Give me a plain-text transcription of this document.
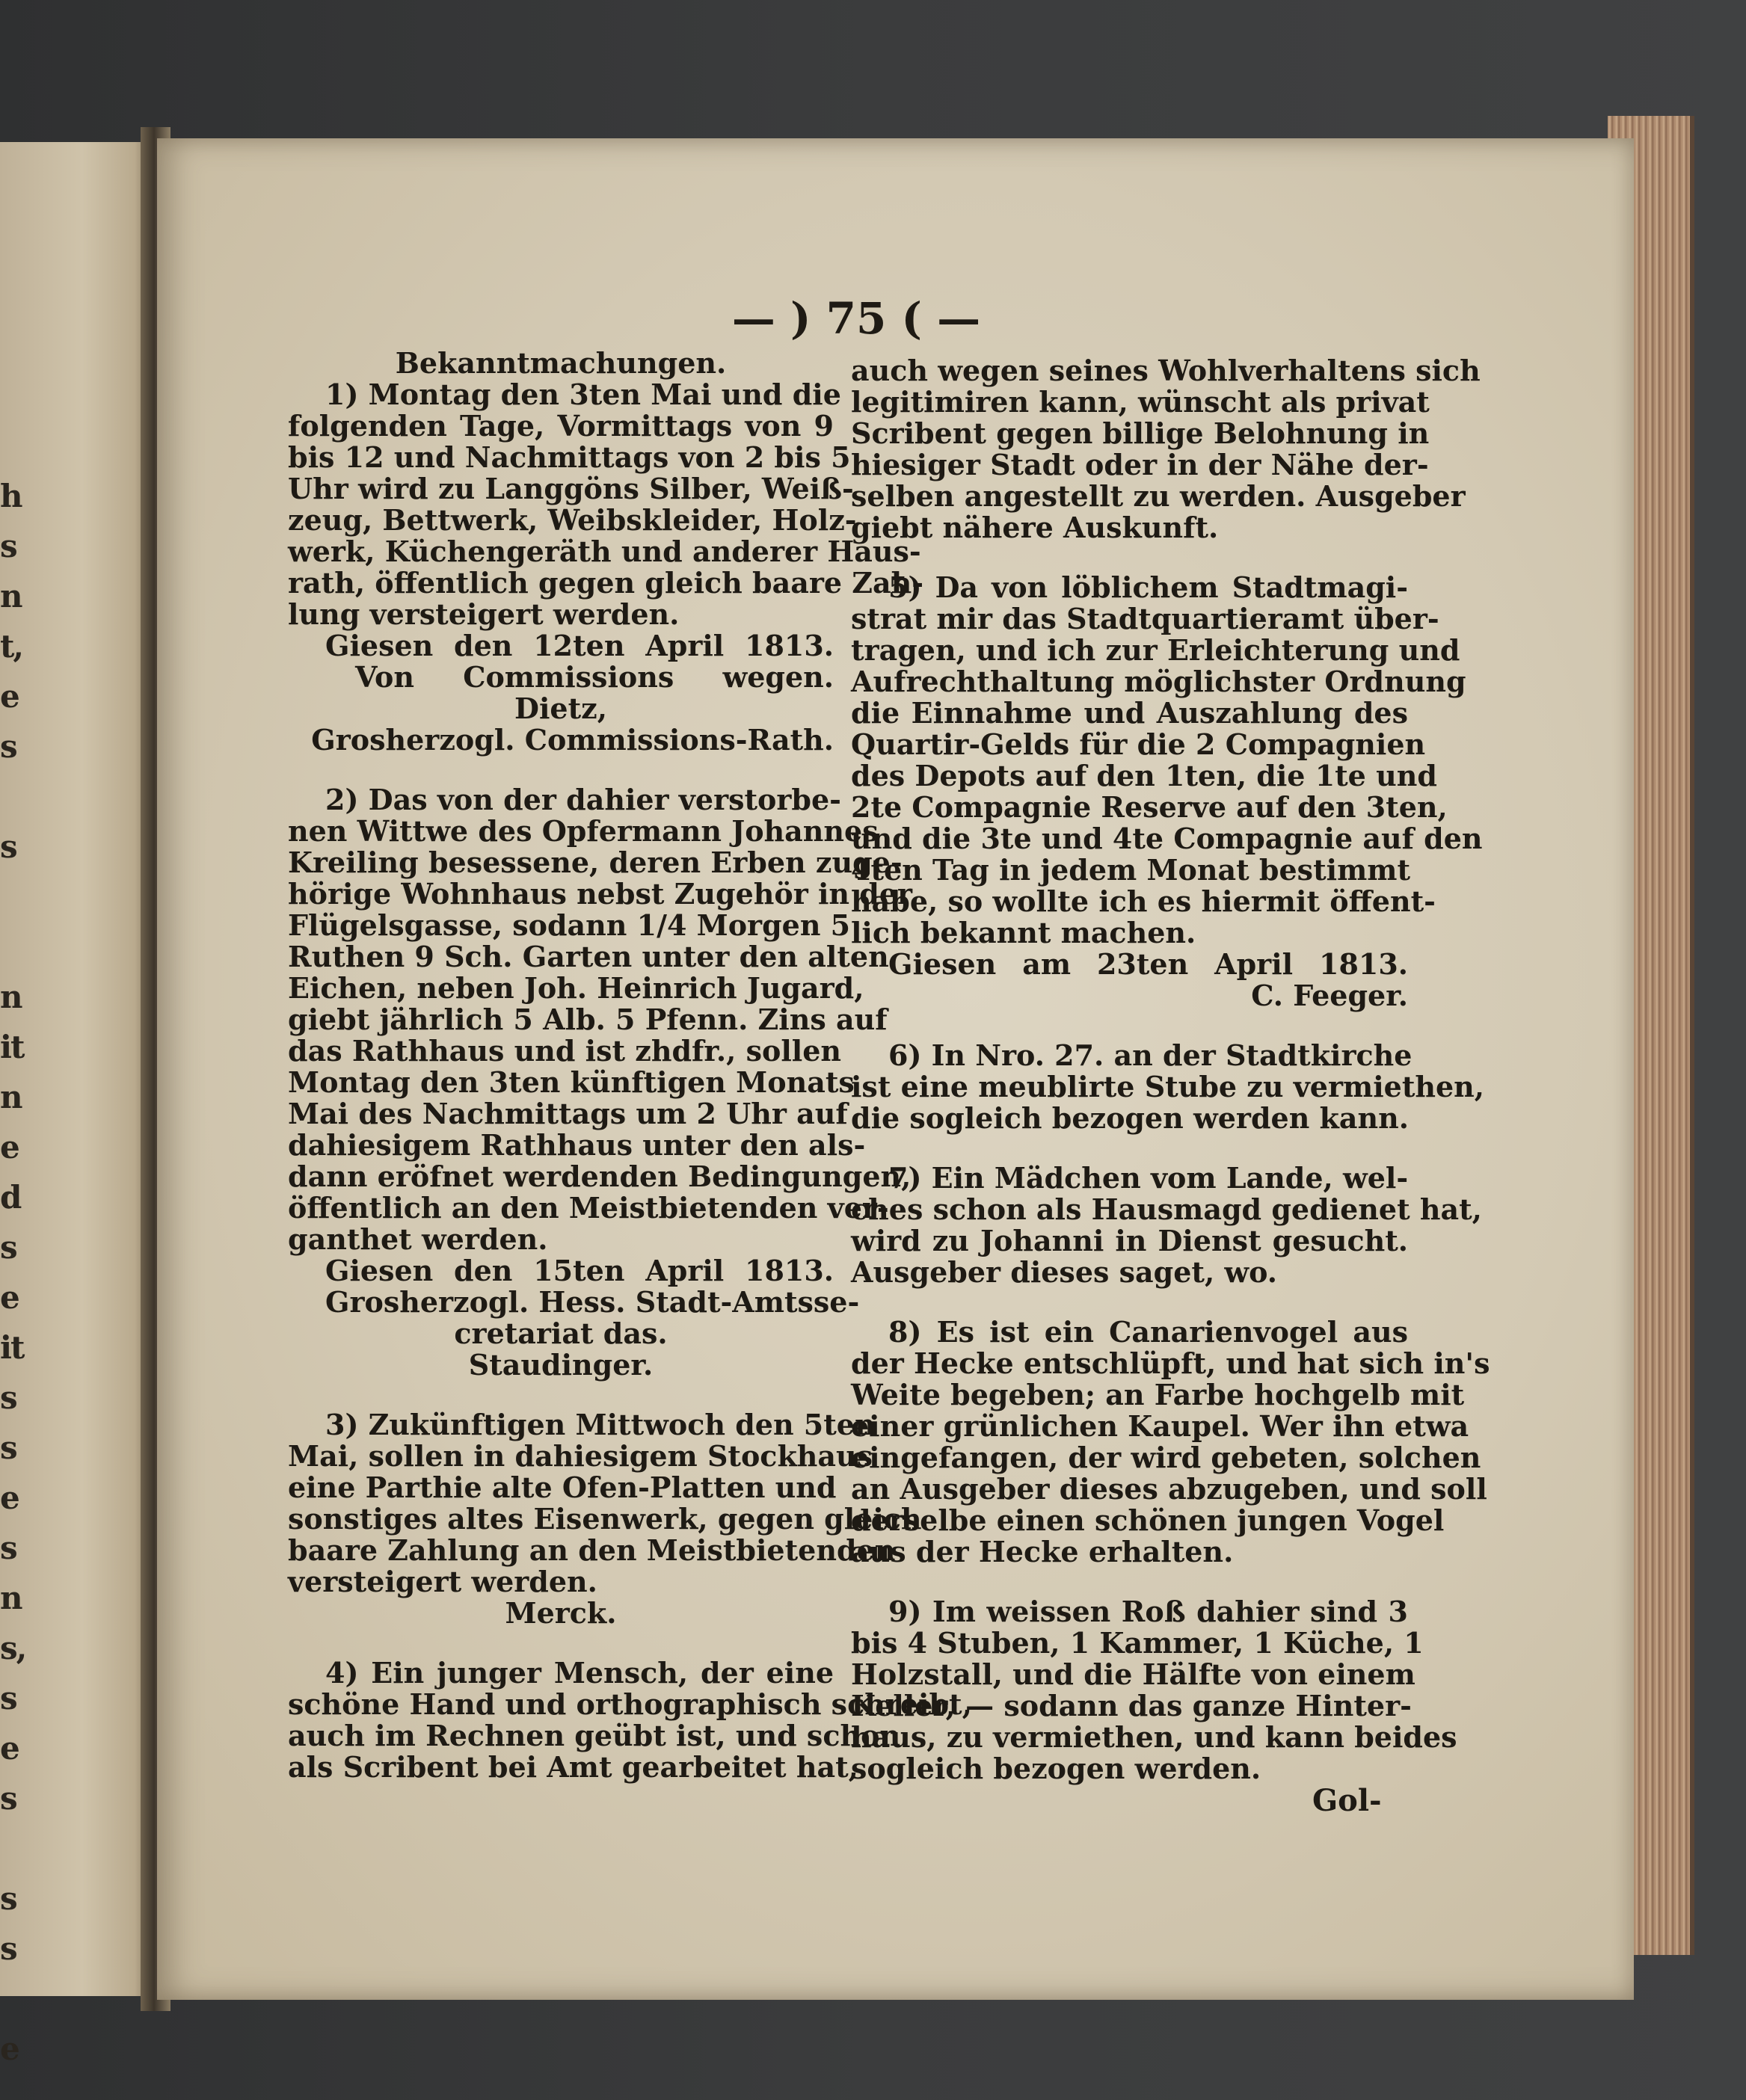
h
s
n
t,
e
s

s

n
it
n
e
d
s
e
it
s
s
e
s
n
s,
s
e
s

s
s

e
— ) 75 ( —
Bekanntmachungen.
1) Montag den 3ten Mai und die
folgenden Tage, Vormittags von 9
bis 12 und Nachmittags von 2 bis 5
Uhr wird zu Langgöns Silber, Weiß-
zeug, Bettwerk, Weibskleider, Holz-
werk, Küchengeräth und anderer Haus-
rath, öffentlich gegen gleich baare Zah-
lung versteigert werden.
Giesen den 12ten April 1813.
Von Commissions wegen.
Dietz,
Grosherzogl. Commissions-Rath.
2) Das von der dahier verstorbe-
nen Wittwe des Opfermann Johannes
Kreiling besessene, deren Erben zuge-
hörige Wohnhaus nebst Zugehör in der
Flügelsgasse, sodann 1/4 Morgen 5
Ruthen 9 Sch. Garten unter den alten
Eichen, neben Joh. Heinrich Jugard,
giebt jährlich 5 Alb. 5 Pfenn. Zins auf
das Rathhaus und ist zhdfr., sollen
Montag den 3ten künftigen Monats
Mai des Nachmittags um 2 Uhr auf
dahiesigem Rathhaus unter den als-
dann eröfnet werdenden Bedingungen,
öffentlich an den Meistbietenden ver-
ganthet werden.
Giesen den 15ten April 1813.
Grosherzogl. Hess. Stadt-Amtsse-
cretariat das.
Staudinger.
3) Zukünftigen Mittwoch den 5ten
Mai, sollen in dahiesigem Stockhaus
eine Parthie alte Ofen-Platten und
sonstiges altes Eisenwerk, gegen gleich
baare Zahlung an den Meistbietenden
versteigert werden.
Merck.
4) Ein junger Mensch, der eine
schöne Hand und orthographisch schreibt,
auch im Rechnen geübt ist, und schon
als Scribent bei Amt gearbeitet hat,
auch wegen seines Wohlverhaltens sich
legitimiren kann, wünscht als privat
Scribent gegen billige Belohnung in
hiesiger Stadt oder in der Nähe der-
selben angestellt zu werden. Ausgeber
giebt nähere Auskunft.
5) Da von löblichem Stadtmagi-
strat mir das Stadtquartieramt über-
tragen, und ich zur Erleichterung und
Aufrechthaltung möglichster Ordnung
die Einnahme und Auszahlung des
Quartir-Gelds für die 2 Compagnien
des Depots auf den 1ten, die 1te und
2te Compagnie Reserve auf den 3ten,
und die 3te und 4te Compagnie auf den
4ten Tag in jedem Monat bestimmt
habe, so wollte ich es hiermit öffent-
lich bekannt machen.
Giesen am 23ten April 1813.
C. Feeger.
6) In Nro. 27. an der Stadtkirche
ist eine meublirte Stube zu vermiethen,
die sogleich bezogen werden kann.
7) Ein Mädchen vom Lande, wel-
ches schon als Hausmagd gedienet hat,
wird zu Johanni in Dienst gesucht.
Ausgeber dieses saget, wo.
8) Es ist ein Canarienvogel aus
der Hecke entschlüpft, und hat sich in's
Weite begeben; an Farbe hochgelb mit
einer grünlichen Kaupel. Wer ihn etwa
eingefangen, der wird gebeten, solchen
an Ausgeber dieses abzugeben, und soll
derselbe einen schönen jungen Vogel
aus der Hecke erhalten.
9) Im weissen Roß dahier sind 3
bis 4 Stuben, 1 Kammer, 1 Küche, 1
Holzstall, und die Hälfte von einem
Keller, — sodann das ganze Hinter-
haus, zu vermiethen, und kann beides
sogleich bezogen werden.
Gol-
